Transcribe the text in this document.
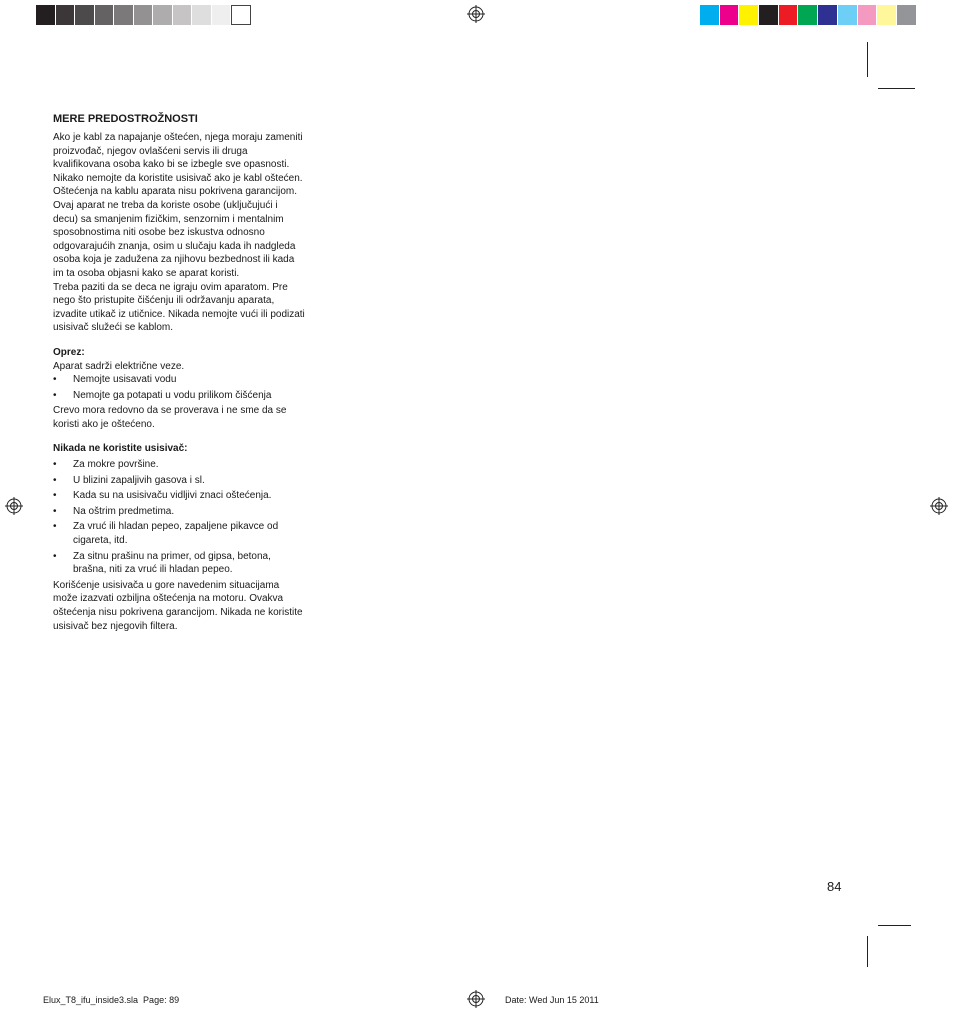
MERE PREDOSTROŽNOSTI

Ako je kabl za napajanje oštećen, njega moraju zameniti proizvođač, njegov ovlašćeni servis ili druga kvalifikovana osoba kako bi se izbegle sve opasnosti. Nikako nemojte da koristite usisivač ako je kabl oštećen. Oštećenja na kablu aparata nisu pokrivena garancijom.

Ovaj aparat ne treba da koriste osobe (uključujući i decu) sa smanjenim fizičkim, senzornim i mentalnim sposobnostima niti osobe bez iskustva odnosno odgovarajućih znanja, osim u slučaju kada ih nadgleda osoba koja je zadužena za njihovu bezbednost ili kada im ta osoba objasni kako se aparat koristi.

Treba paziti da se deca ne igraju ovim aparatom. Pre nego što pristupite čišćenju ili održavanju aparata, izvadite utikač iz utičnice. Nikada nemojte vući ili podizati usisivač služeći se kablom.

Oprez:

Aparat sadrži električne veze.

• Nemojte usisavati vodu
• Nemojte ga potapati u vodu prilikom čišćenja

Crevo mora redovno da se proverava i ne sme da se koristi ako je oštećeno.

Nikada ne koristite usisivač:
• Za mokre površine.
• U blizini zapaljivih gasova i sl.
• Kada su na usisivaču vidljivi znaci oštećenja.
• Na oštrim predmetima.
• Za vruć ili hladan pepeo, zapaljene pikavce od cigareta, itd.
• Za sitnu prašinu na primer, od gipsa, betona, brašna, niti za vruć ili hladan pepeo.

Korišćenje usisivača u gore navedenim situacijama može izazvati ozbiljna oštećenja na motoru. Ovakva oštećenja nisu pokrivena garancijom. Nikada ne koristite usisivač bez njegovih filtera.

84
Elux_T8_ifu_inside3.sla  Page: 89	Date: Wed Jun 15 2011
